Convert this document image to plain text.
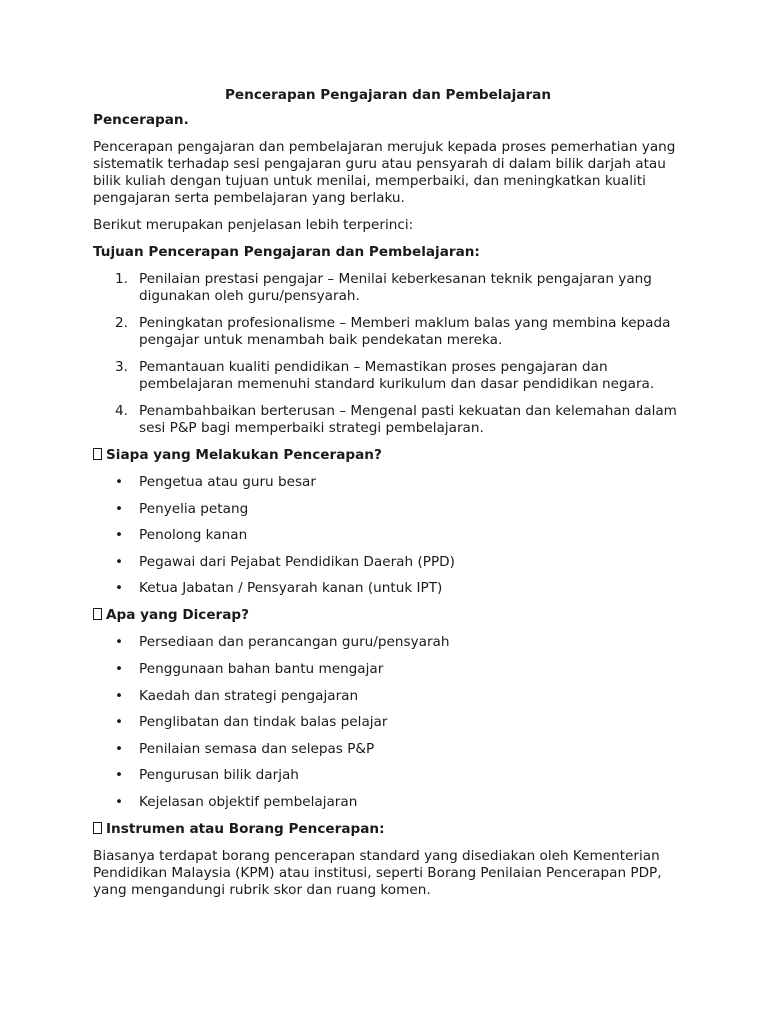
Pencerapan Pengajaran dan Pembelajaran
Pencerapan.
Pencerapan pengajaran dan pembelajaran merujuk kepada proses pemerhatian yang sistematik terhadap sesi pengajaran guru atau pensyarah di dalam bilik darjah atau bilik kuliah dengan tujuan untuk menilai, memperbaiki, dan meningkatkan kualiti pengajaran serta pembelajaran yang berlaku.
Berikut merupakan penjelasan lebih terperinci:
Tujuan Pencerapan Pengajaran dan Pembelajaran:
1. Penilaian prestasi pengajar – Menilai keberkesanan teknik pengajaran yang digunakan oleh guru/pensyarah.
2. Peningkatan profesionalisme – Memberi maklum balas yang membina kepada pengajar untuk menambah baik pendekatan mereka.
3. Pemantauan kualiti pendidikan – Memastikan proses pengajaran dan pembelajaran memenuhi standard kurikulum dan dasar pendidikan negara.
4. Penambahbaikan berterusan – Mengenal pasti kekuatan dan kelemahan dalam sesi P&P bagi memperbaiki strategi pembelajaran.
Siapa yang Melakukan Pencerapan?
• Pengetua atau guru besar
• Penyelia petang
• Penolong kanan
• Pegawai dari Pejabat Pendidikan Daerah (PPD)
• Ketua Jabatan / Pensyarah kanan (untuk IPT)
Apa yang Dicerap?
• Persediaan dan perancangan guru/pensyarah
• Penggunaan bahan bantu mengajar
• Kaedah dan strategi pengajaran
• Penglibatan dan tindak balas pelajar
• Penilaian semasa dan selepas P&P
• Pengurusan bilik darjah
• Kejelasan objektif pembelajaran
Instrumen atau Borang Pencerapan:
Biasanya terdapat borang pencerapan standard yang disediakan oleh Kementerian Pendidikan Malaysia (KPM) atau institusi, seperti Borang Penilaian Pencerapan PDP, yang mengandungi rubrik skor dan ruang komen.
